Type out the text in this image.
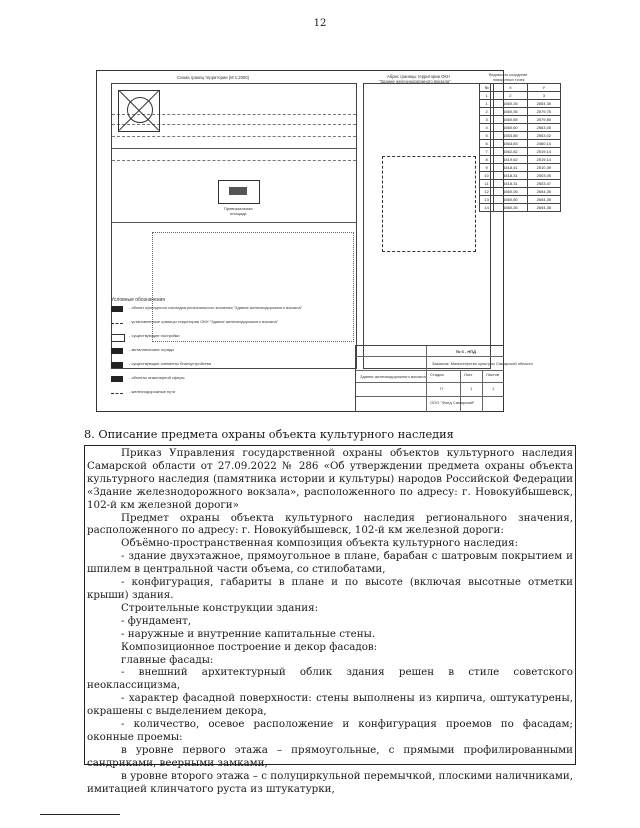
12
Схема границ территории (М 1:2000)	Абрис границы территории ОКН
"Здание железнодорожного вокзала"
Ведомость координат
поворотных точек
Привокзальная
площадь
№	X	Y
1	2	3
1	1560,26	2654,35
2	1560,35	2579,75
3	1560,65	2579,80
4	1560,60	2563,05
5	1553,85	2563,02
6	1563,83	2460,14
7	1562,82	2519,14
8	1519,62	2519,14
9	1518,41	2510,39
10	1518,31	2503,05
11	1518,31	2503,47
12	1560,26	2654,35
13	1560,80	2654,35
14	1560,26	2654,35
Условные обозначения
- объект культурного наследия регионального значения "Здание железнодорожного вокзала"
- установленные границы территории ОКН "Здание железнодорожного вокзала"
- существующие постройки
- металлические ограды
- существующие элементы благоустройства
- объекты инженерной сферы
- железнодорожные пути
№ 6 - НПД
Заказчик: Министерство культуры Самарской области
Здание железнодорожного вокзала Стадия	Лист	Листов
П	1	1
ООО "Фонд Самарский"
8. Описание предмета охраны объекта культурного наследия

Приказ Управления государственной охраны объектов культурного наследия Самарской области от 27.09.2022 № 286 «Об утверждении предмета охраны объекта культурного наследия (памятника истории и культуры) народов Российской Федерации «Здание железнодорожного вокзала», расположенного по адресу: г. Новокуйбышевск, 102-й км железной дороги»

Предмет охраны объекта культурного наследия регионального значения, расположенного по адресу: г. Новокуйбышевск, 102-й км железной дороги:

Объёмно-пространственная композиция объекта культурного наследия:

- здание двухэтажное, прямоугольное в плане, барабан с шатровым покрытием и шпилем в центральной части объема, со стилобатами,

- конфигурация, габариты в плане и по высоте (включая высотные отметки крыши) здания.

Строительные конструкции здания:

- фундамент,

- наружные и внутренние капитальные стены.

Композиционное построение и декор фасадов:

главные фасады:

- внешний архитектурный облик здания решен в стиле советского неоклассицизма,

- характер фасадной поверхности: стены выполнены из кирпича, оштукатурены, окрашены с выделением декора,

- количество, осевое расположение и конфигурация проемов по фасадам; оконные проемы:

в уровне первого этажа – прямоугольные, с прямыми профилированными сандриками, веерными замками,

в уровне второго этажа – с полуциркульной перемычкой, плоскими наличниками, имитацией клинчатого руста из штукатурки,
